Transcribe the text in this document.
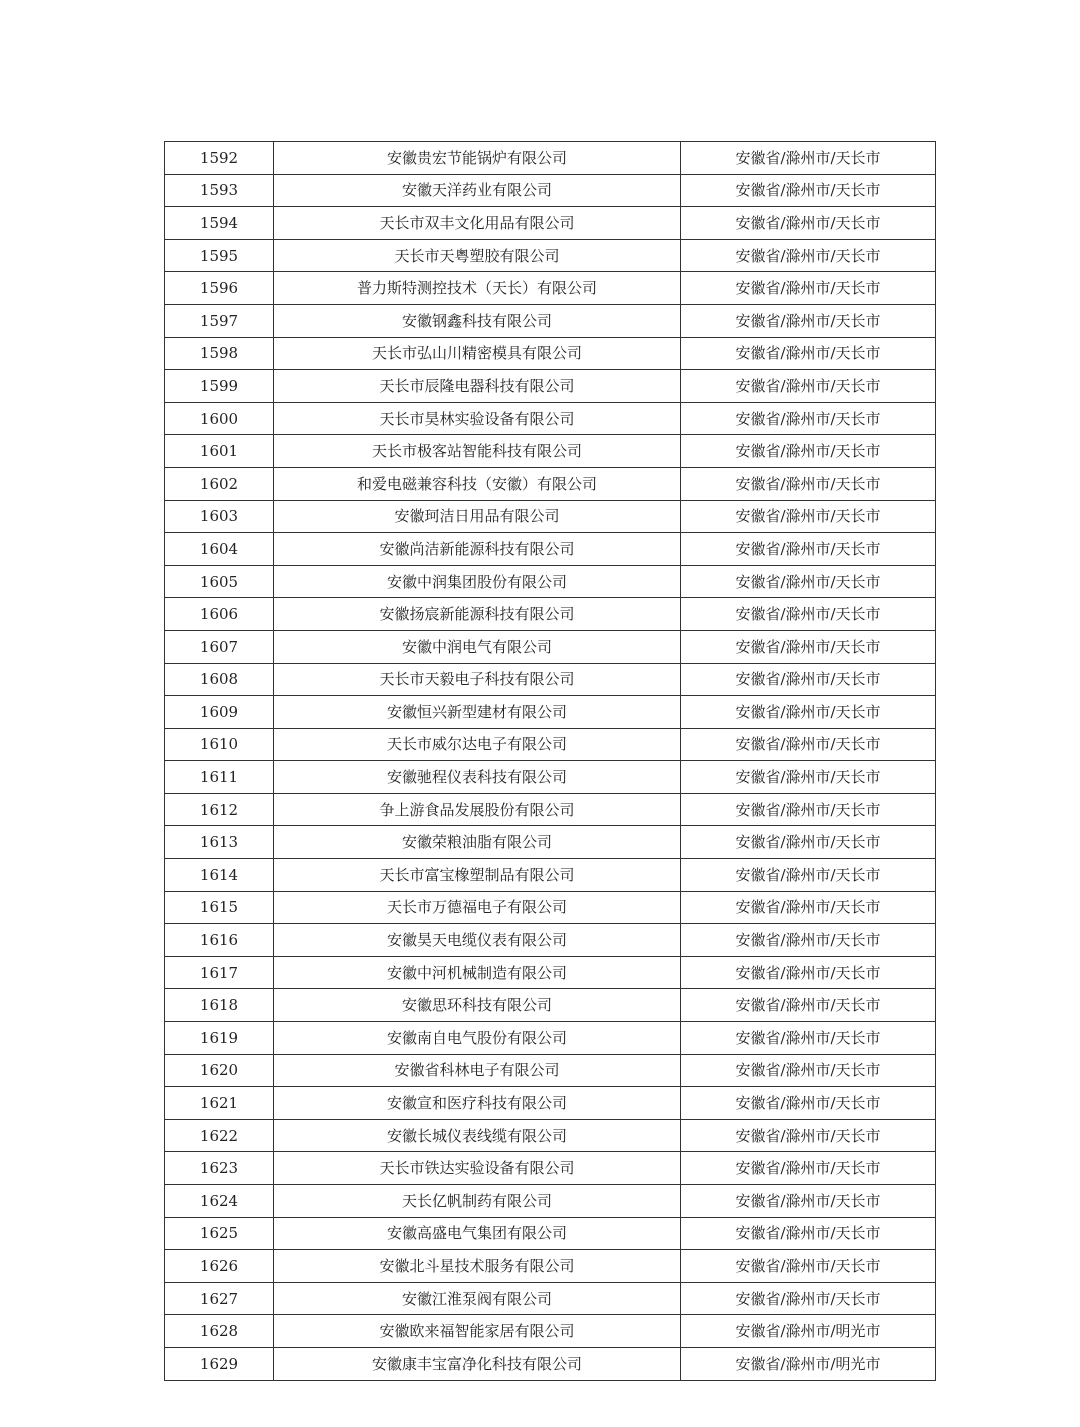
1592	安徽贵宏节能锅炉有限公司	安徽省/滁州市/天长市
1593	安徽天洋药业有限公司	安徽省/滁州市/天长市
1594	天长市双丰文化用品有限公司	安徽省/滁州市/天长市
1595	天长市天粤塑胶有限公司	安徽省/滁州市/天长市
1596	普力斯特测控技术（天长）有限公司	安徽省/滁州市/天长市
1597	安徽钢鑫科技有限公司	安徽省/滁州市/天长市
1598	天长市弘山川精密模具有限公司	安徽省/滁州市/天长市
1599	天长市辰隆电器科技有限公司	安徽省/滁州市/天长市
1600	天长市昊林实验设备有限公司	安徽省/滁州市/天长市
1601	天长市极客站智能科技有限公司	安徽省/滁州市/天长市
1602	和爱电磁兼容科技（安徽）有限公司	安徽省/滁州市/天长市
1603	安徽珂洁日用品有限公司	安徽省/滁州市/天长市
1604	安徽尚洁新能源科技有限公司	安徽省/滁州市/天长市
1605	安徽中润集团股份有限公司	安徽省/滁州市/天长市
1606	安徽扬宸新能源科技有限公司	安徽省/滁州市/天长市
1607	安徽中润电气有限公司	安徽省/滁州市/天长市
1608	天长市天毅电子科技有限公司	安徽省/滁州市/天长市
1609	安徽恒兴新型建材有限公司	安徽省/滁州市/天长市
1610	天长市威尔达电子有限公司	安徽省/滁州市/天长市
1611	安徽驰程仪表科技有限公司	安徽省/滁州市/天长市
1612	争上游食品发展股份有限公司	安徽省/滁州市/天长市
1613	安徽荣粮油脂有限公司	安徽省/滁州市/天长市
1614	天长市富宝橡塑制品有限公司	安徽省/滁州市/天长市
1615	天长市万德福电子有限公司	安徽省/滁州市/天长市
1616	安徽昊天电缆仪表有限公司	安徽省/滁州市/天长市
1617	安徽中河机械制造有限公司	安徽省/滁州市/天长市
1618	安徽思环科技有限公司	安徽省/滁州市/天长市
1619	安徽南自电气股份有限公司	安徽省/滁州市/天长市
1620	安徽省科林电子有限公司	安徽省/滁州市/天长市
1621	安徽宣和医疗科技有限公司	安徽省/滁州市/天长市
1622	安徽长城仪表线缆有限公司	安徽省/滁州市/天长市
1623	天长市铁达实验设备有限公司	安徽省/滁州市/天长市
1624	天长亿帆制药有限公司	安徽省/滁州市/天长市
1625	安徽高盛电气集团有限公司	安徽省/滁州市/天长市
1626	安徽北斗星技术服务有限公司	安徽省/滁州市/天长市
1627	安徽江淮泵阀有限公司	安徽省/滁州市/天长市
1628	安徽欧来福智能家居有限公司	安徽省/滁州市/明光市
1629	安徽康丰宝富净化科技有限公司	安徽省/滁州市/明光市
